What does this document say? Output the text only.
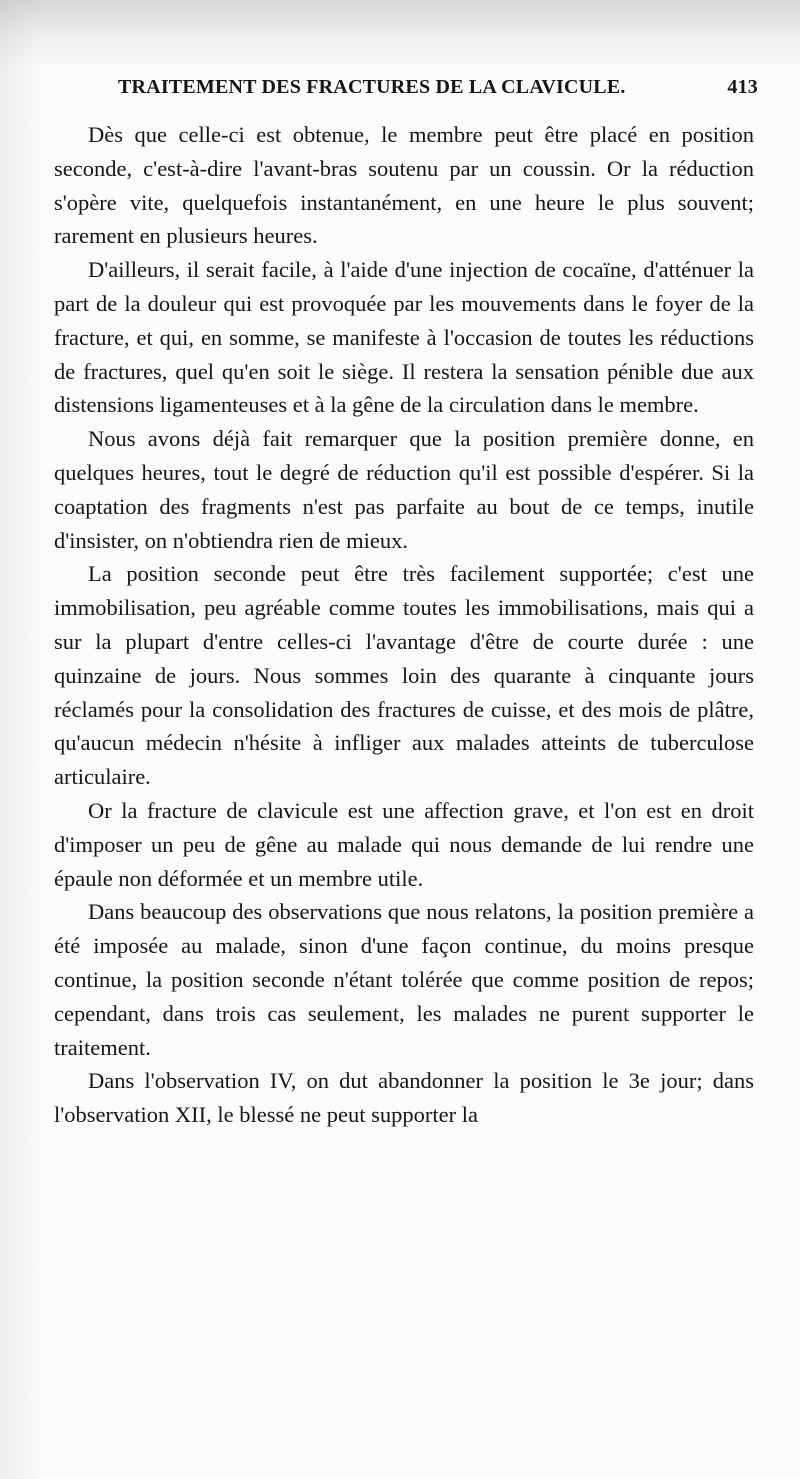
TRAITEMENT DES FRACTURES DE LA CLAVICULE.	413

Dès que celle-ci est obtenue, le membre peut être placé en position seconde, c'est-à-dire l'avant-bras soutenu par un coussin. Or la réduction s'opère vite, quelquefois instantanément, en une heure le plus souvent; rarement en plusieurs heures.

D'ailleurs, il serait facile, à l'aide d'une injection de cocaïne, d'atténuer la part de la douleur qui est provoquée par les mouvements dans le foyer de la fracture, et qui, en somme, se manifeste à l'occasion de toutes les réductions de fractures, quel qu'en soit le siège. Il restera la sensation pénible due aux distensions ligamenteuses et à la gêne de la circulation dans le membre.

Nous avons déjà fait remarquer que la position première donne, en quelques heures, tout le degré de réduction qu'il est possible d'espérer. Si la coaptation des fragments n'est pas parfaite au bout de ce temps, inutile d'insister, on n'obtiendra rien de mieux.

La position seconde peut être très facilement supportée; c'est une immobilisation, peu agréable comme toutes les immobilisations, mais qui a sur la plupart d'entre celles-ci l'avantage d'être de courte durée : une quinzaine de jours. Nous sommes loin des quarante à cinquante jours réclamés pour la consolidation des fractures de cuisse, et des mois de plâtre, qu'aucun médecin n'hésite à infliger aux malades atteints de tuberculose articulaire.

Or la fracture de clavicule est une affection grave, et l'on est en droit d'imposer un peu de gêne au malade qui nous demande de lui rendre une épaule non déformée et un membre utile.

Dans beaucoup des observations que nous relatons, la position première a été imposée au malade, sinon d'une façon continue, du moins presque continue, la position seconde n'étant tolérée que comme position de repos; cependant, dans trois cas seulement, les malades ne purent supporter le traitement.

Dans l'observation IV, on dut abandonner la position le 3e jour; dans l'observation XII, le blessé ne peut supporter la
